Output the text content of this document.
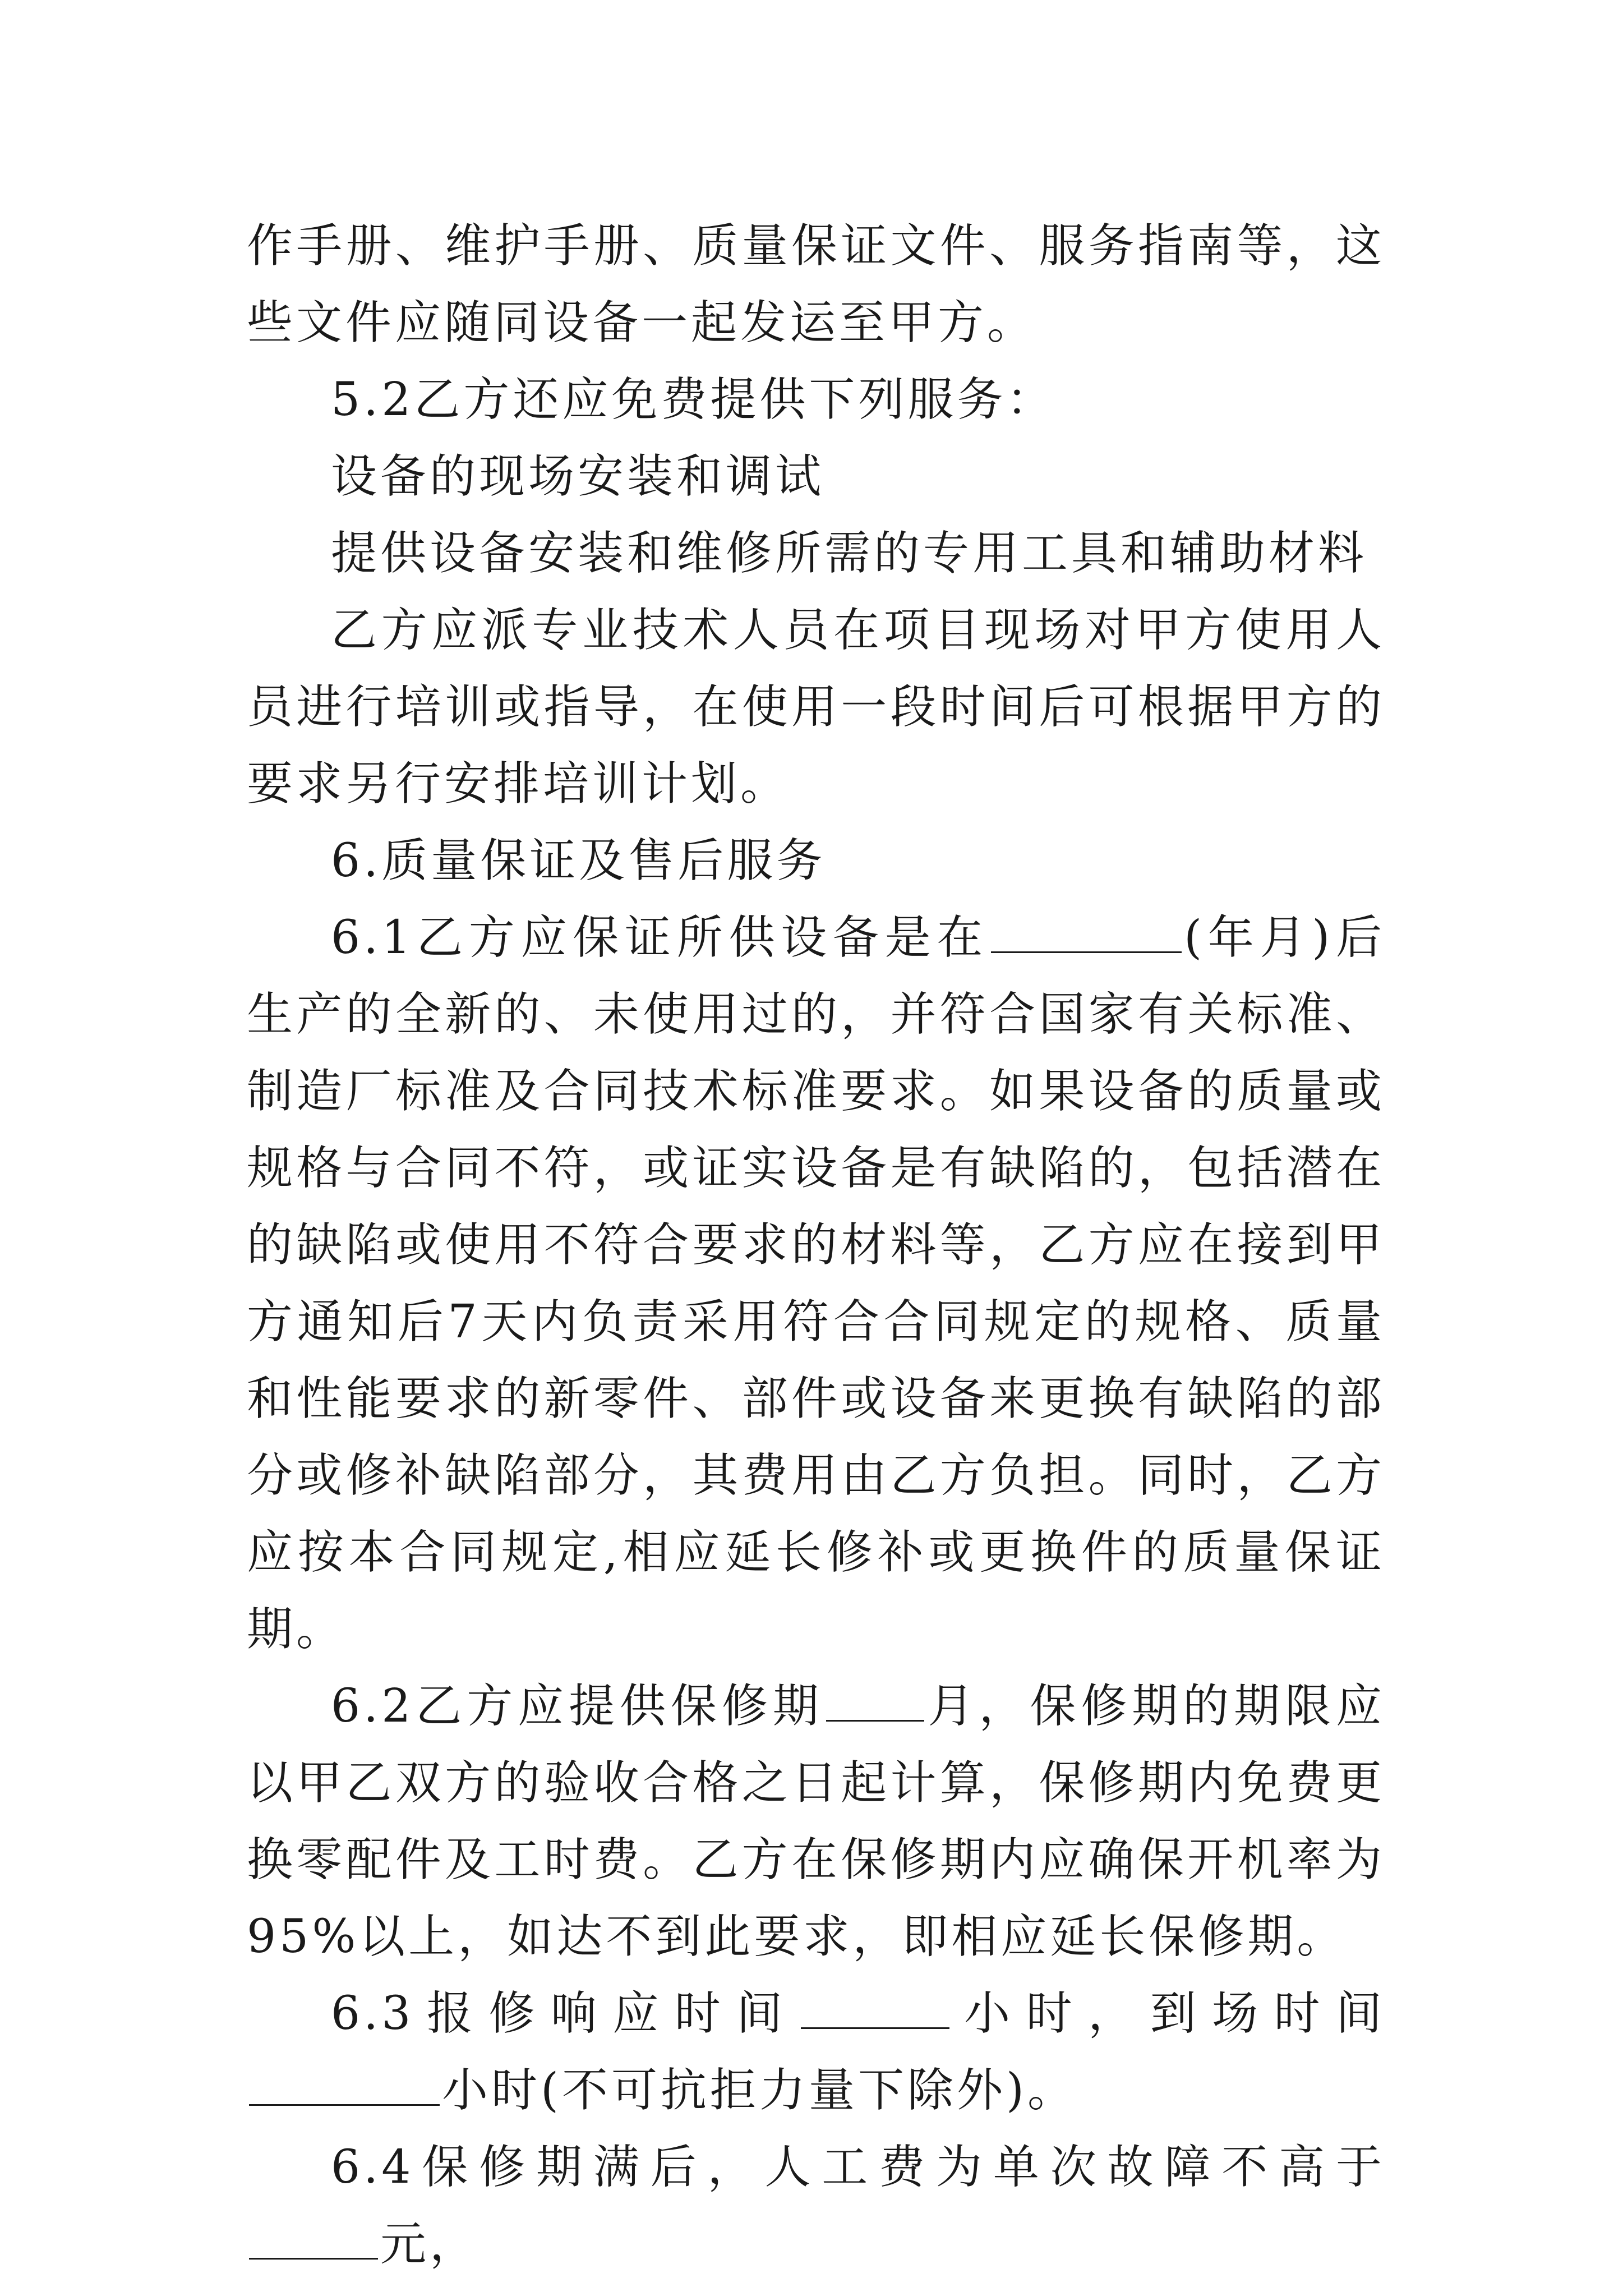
作手册、维护手册、质量保证文件、服务指南等，这些文件应随同设备一起发运至甲方。

5.2乙方还应免费提供下列服务：

设备的现场安装和调试

提供设备安装和维修所需的专用工具和辅助材料

乙方应派专业技术人员在项目现场对甲方使用人员进行培训或指导，在使用一段时间后可根据甲方的要求另行安排培训计划。

6.质量保证及售后服务

6.1乙方应保证所供设备是在	(年月)后生产的全新的、未使用过的，并符合国家有关标准、制造厂标准及合同技术标准要求。如果设备的质量或规格与合同不符，或证实设备是有缺陷的，包括潜在的缺陷或使用不符合要求的材料等，乙方应在接到甲方通知后7天内负责采用符合合同规定的规格、质量和性能要求的新零件、部件或设备来更换有缺陷的部分或修补缺陷部分，其费用由乙方负担。同时，乙方应按本合同规定,相应延长修补或更换件的质量保证期。

6.2乙方应提供保修期 月，保修期的期限应以甲乙双方的验收合格之日起计算，保修期内免费更换零配件及工时费。乙方在保修期内应确保开机率为95%以上，如达不到此要求，即相应延长保修期。

6.3报修响应时间	小时，到场时间小时(不可抗拒力量下除外)。

6.4保修期满后，人工费为单次故障不高于元，
